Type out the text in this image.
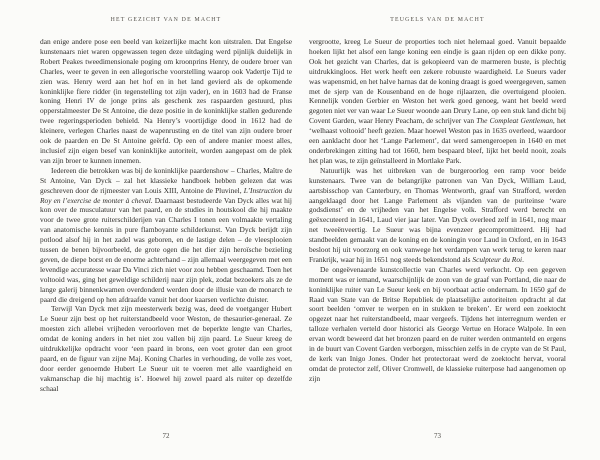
HET GEZICHT VAN DE MACHT

dan enige andere pose een beeld van keizerlijke macht kon uitstralen. Dat Engelse kunstenaars niet waren opgewassen tegen deze uitdaging werd pijnlijk duidelijk in Robert Peakes tweedimensionale poging om kroonprins Henry, de oudere broer van Charles, weer te geven in een allegorische voorstelling waarop ook Vadertje Tijd te zien was. Henry werd aan het hof en in het land gevierd als de opkomende koninklijke fiere ridder (in tegenstelling tot zijn vader), en in 1603 had de Franse koning Henri IV de jonge prins als geschenk zes raspaarden gestuurd, plus opperstalmeester De St Antoine, die deze positie in de koninklijke stallen gedurende twee regeringsperioden behield. Na Henry’s voortijdige dood in 1612 had de kleinere, verlegen Charles naast de wapenrusting en de titel van zijn oudere broer ook de paarden en De St Antoine geërfd. Op een of andere manier moest alles, inclusief zijn eigen besef van koninklijke autoriteit, worden aangepast om de plek van zijn broer te kunnen innemen.

Iedereen die betrokken was bij de koninklijke paardenshow – Charles, Maître de St Antoine, Van Dyck – zal het klassieke handboek hebben gelezen dat was geschreven door de rijmeester van Louis XIII, Antoine de Pluvinel, L’Instruction du Roy en l’exercise de monter à cheval. Daarnaast bestudeerde Van Dyck alles wat hij kon over de musculatuur van het paard, en de studies in houtskool die hij maakte voor de twee grote ruiterschilderijen van Charles I tonen een volmaakte vertaling van anatomische kennis in pure flamboyante schilderkunst. Van Dyck berijdt zijn potlood alsof hij in het zadel was geboren, en de lastige delen – de vleesplooien tussen de benen bijvoorbeeld, de grote ogen die het dier zijn heroïsche bezieling geven, de diepe borst en de enorme achterhand – zijn allemaal weergegeven met een levendige accuratesse waar Da Vinci zich niet voor zou hebben geschaamd. Toen het voltooid was, ging het geweldige schilderij naar zijn plek, zodat bezoekers als ze de lange galerij binnenkwamen overdonderd werden door de illusie van de monarch te paard die dreigend op hen afdraafde vanuit het door kaarsen verlichte duister.

Terwijl Van Dyck met zijn meesterwerk bezig was, deed de voetganger Hubert Le Sueur zijn best op het ruiterstandbeeld voor Weston, de thesaurier-generaal. Ze moesten zich allebei vrijheden veroorloven met de beperkte lengte van Charles, omdat de koning anders in het niet zou vallen bij zijn paard. Le Sueur kreeg de uitdrukkelijke opdracht voor ‘een paard in brons, een voet groter dan een groot paard, en de figuur van zijne Maj. Koning Charles in verhouding, de volle zes voet, door eerder genoemde Hubert Le Sueur uit te voeren met alle vaardigheid en vakmanschap die hij machtig is’. Hoewel hij zowel paard als ruiter op dezelfde schaal

72
TEUGELS VAN DE MACHT

vergrootte, kreeg Le Sueur de proporties toch niet helemaal goed. Vanuit bepaalde hoeken lijkt het alsof een lange koning een eindje is gaan rijden op een dikke pony. Ook het gezicht van Charles, dat is gekopieerd van de marmeren buste, is plechtig uitdrukkingloos. Het werk heeft een zekere robuuste waardigheid. Le Sueurs vader was wapensmid, en het halve harnas dat de koning draagt is goed weergegeven, samen met de sjerp van de Kousenband en de hoge rijlaarzen, die overtuigend plooien. Kennelijk vonden Gerbier en Weston het werk goed genoeg, want het beeld werd gegoten niet ver van waar Le Sueur woonde aan Drury Lane, op een stuk land dicht bij Covent Garden, waar Henry Peacham, de schrijver van The Compleat Gentleman, het ‘welhaast voltooid’ heeft gezien. Maar hoewel Weston pas in 1635 overleed, waardoor een aanklacht door het ‘Lange Parlement’, dat werd samengeroepen in 1640 en met onderbrekingen zitting had tot 1660, hem bespaard bleef, lijkt het beeld nooit, zoals het plan was, te zijn geïnstalleerd in Mortlake Park.

Natuurlijk was het uitbreken van de burgeroorlog een ramp voor beide kunstenaars. Twee van de belangrijke patronen van Van Dyck, William Laud, aartsbisschop van Canterbury, en Thomas Wentworth, graaf van Strafford, werden aangeklaagd door het Lange Parlement als vijanden van de puriteinse ‘ware godsdienst’ en de vrijheden van het Engelse volk. Strafford werd berecht en geëxecuteerd in 1641, Laud vier jaar later. Van Dyck overleed zelf in 1641, nog maar net tweeënveertig. Le Sueur was bijna evenzeer gecompromitteerd. Hij had standbeelden gemaakt van de koning en de koningin voor Laud in Oxford, en in 1643 besloot hij uit voorzorg en ook vanwege het verdampen van werk terug te keren naar Frankrijk, waar hij in 1651 nog steeds bekendstond als Sculpteur du Roi.

De ongeëvenaarde kunstcollectie van Charles werd verkocht. Op een gegeven moment was er iemand, waarschijnlijk de zoon van de graaf van Portland, die naar de koninklijke ruiter van Le Sueur keek en bij voorbaat actie ondernam. In 1650 gaf de Raad van State van de Britse Republiek de plaatselijke autoriteiten opdracht al dat soort beelden ‘omver te werpen en in stukken te breken’. Er werd een zoektocht opgezet naar het ruiterstandbeeld, maar vergeefs. Tijdens het interregnum werden er talloze verhalen verteld door historici als George Vertue en Horace Walpole. In een ervan wordt beweerd dat het bronzen paard en de ruiter werden ontmanteld en ergens in de buurt van Covent Garden verborgen, misschien zelfs in de crypte van de St Paul, de kerk van Inigo Jones. Onder het protectoraat werd de zoektocht hervat, vooral omdat de protector zelf, Oliver Cromwell, de klassieke ruiterpose had aangenomen op zijn

73
